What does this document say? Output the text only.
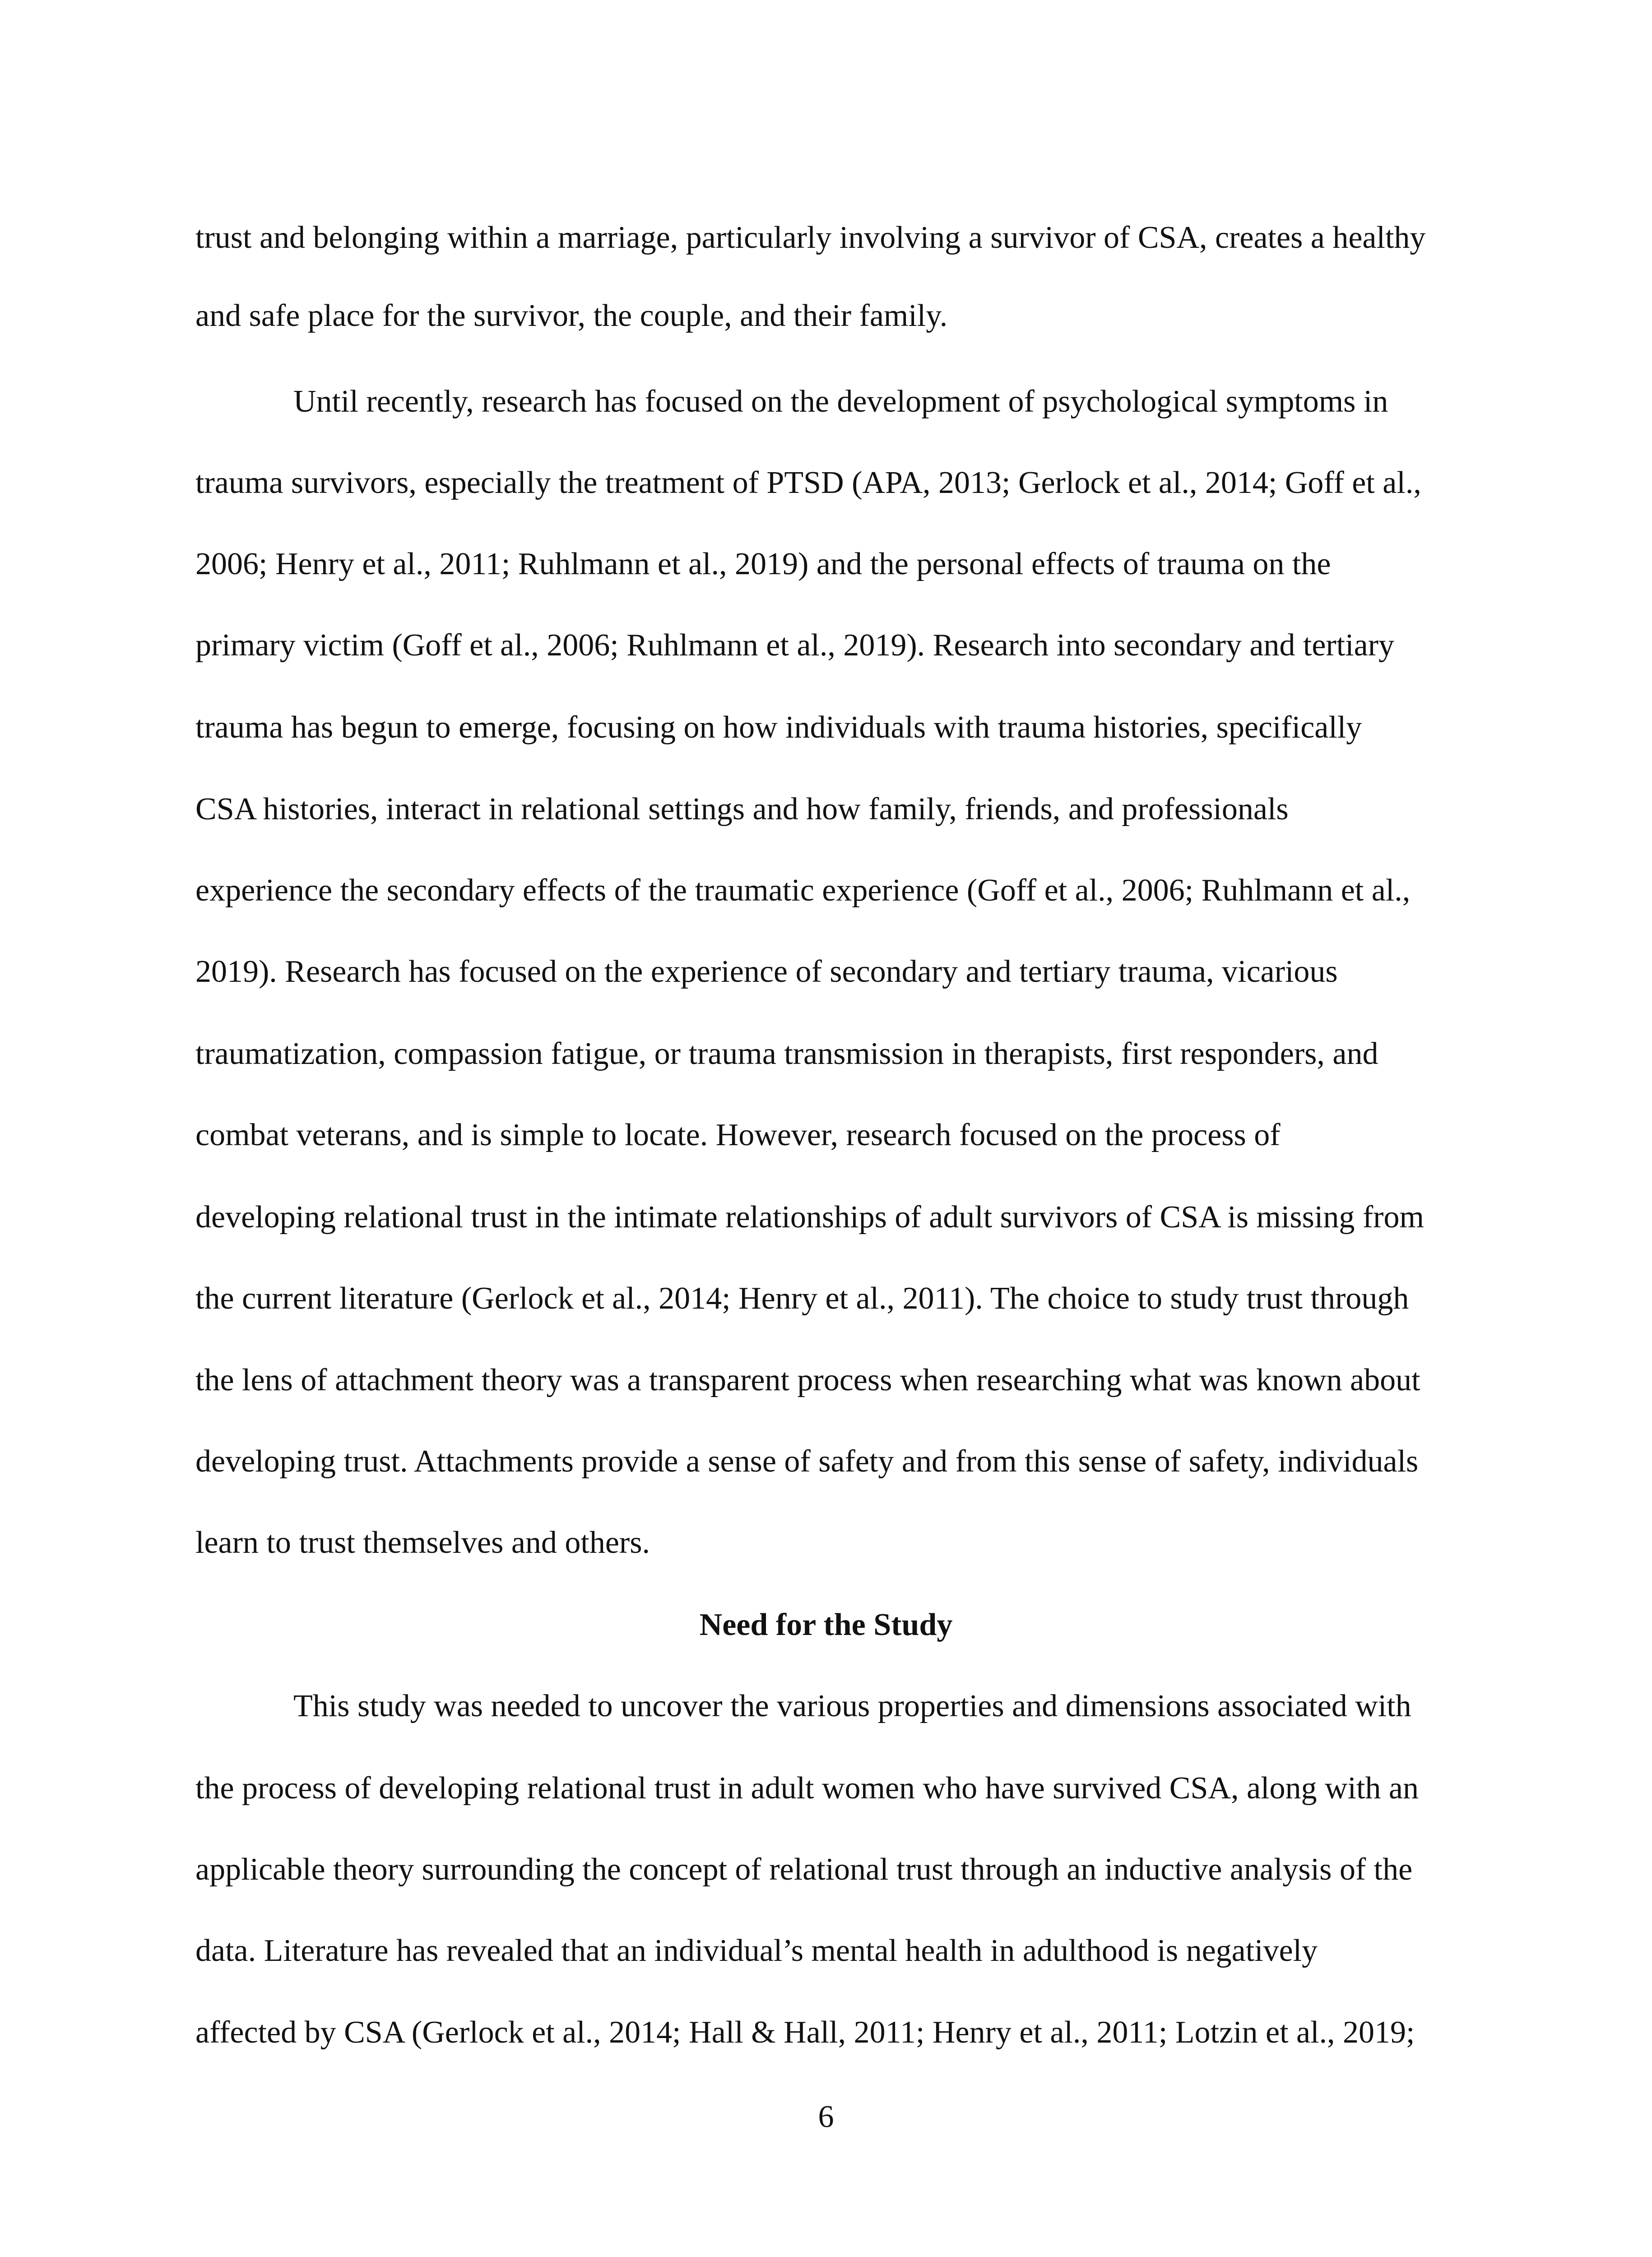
trust and belonging within a marriage, particularly involving a survivor of CSA, creates a healthy
and safe place for the survivor, the couple, and their family.
Until recently, research has focused on the development of psychological symptoms in
trauma survivors, especially the treatment of PTSD (APA, 2013; Gerlock et al., 2014; Goff et al.,
2006; Henry et al., 2011; Ruhlmann et al., 2019) and the personal effects of trauma on the
primary victim (Goff et al., 2006; Ruhlmann et al., 2019). Research into secondary and tertiary
trauma has begun to emerge, focusing on how individuals with trauma histories, specifically
CSA histories, interact in relational settings and how family, friends, and professionals
experience the secondary effects of the traumatic experience (Goff et al., 2006; Ruhlmann et al.,
2019). Research has focused on the experience of secondary and tertiary trauma, vicarious
traumatization, compassion fatigue, or trauma transmission in therapists, first responders, and
combat veterans, and is simple to locate. However, research focused on the process of
developing relational trust in the intimate relationships of adult survivors of CSA is missing from
the current literature (Gerlock et al., 2014; Henry et al., 2011). The choice to study trust through
the lens of attachment theory was a transparent process when researching what was known about
developing trust. Attachments provide a sense of safety and from this sense of safety, individuals
learn to trust themselves and others.
Need for the Study
This study was needed to uncover the various properties and dimensions associated with
the process of developing relational trust in adult women who have survived CSA, along with an
applicable theory surrounding the concept of relational trust through an inductive analysis of the
data. Literature has revealed that an individual’s mental health in adulthood is negatively
affected by CSA (Gerlock et al., 2014; Hall & Hall, 2011; Henry et al., 2011; Lotzin et al., 2019;
6
